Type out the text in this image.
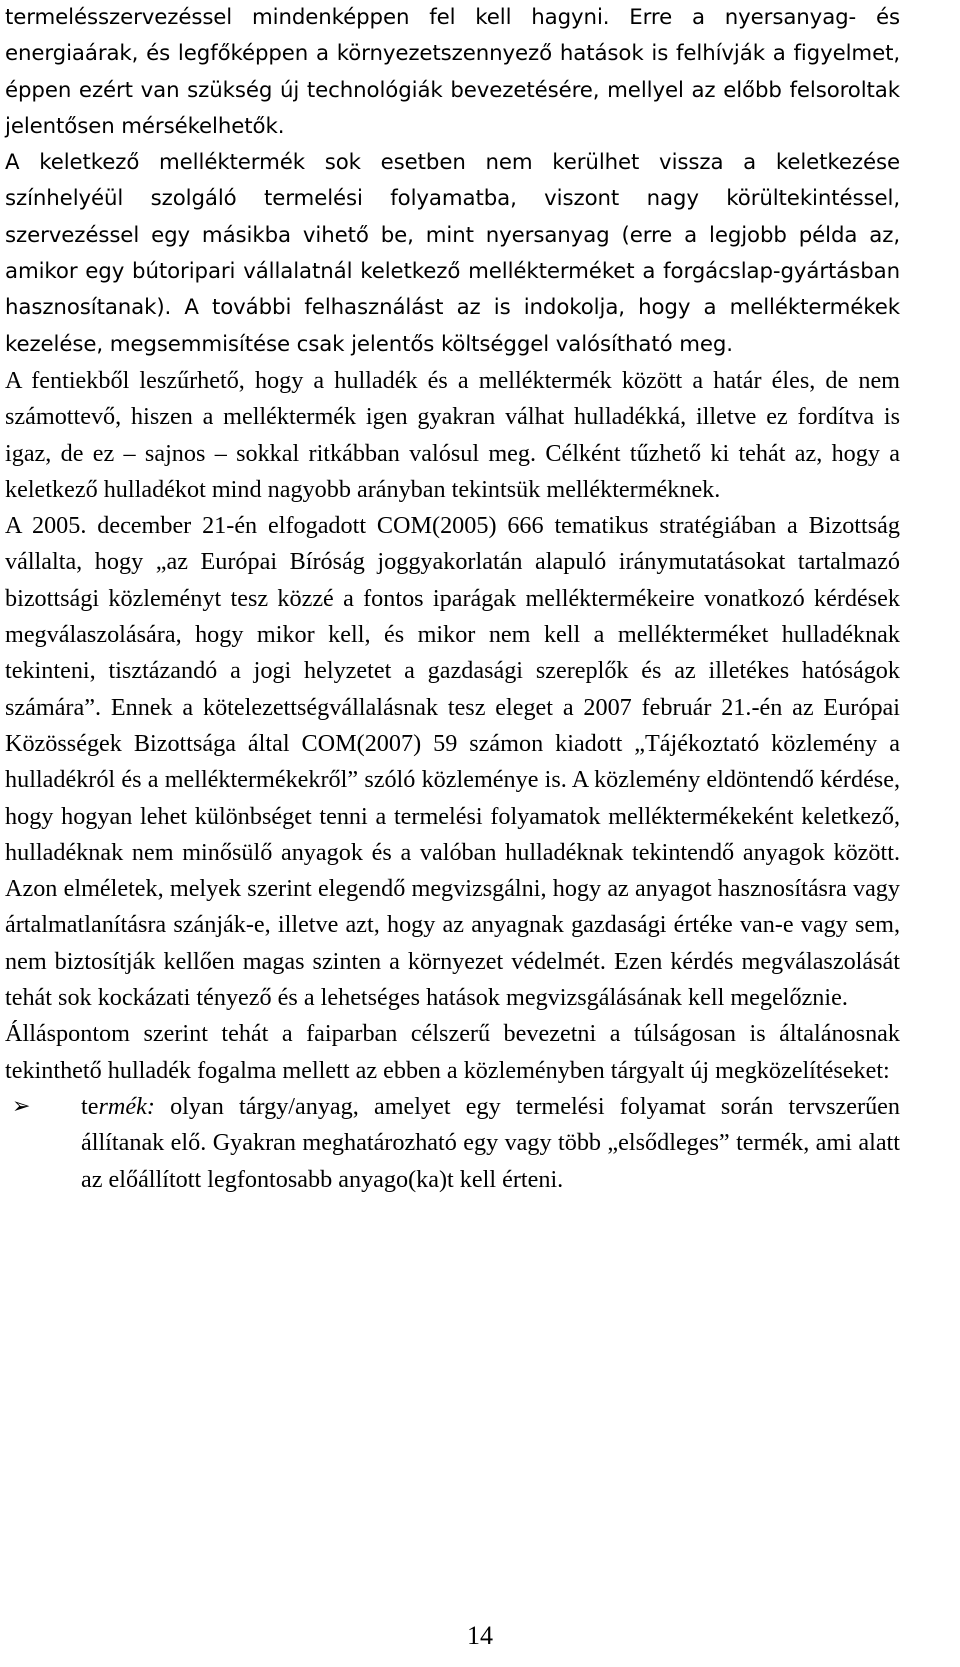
termelésszervezéssel mindenképpen fel kell hagyni. Erre a nyersanyag- és energiaárak, és legfőképpen a környezetszennyező hatások is felhívják a figyelmet, éppen ezért van szükség új technológiák bevezetésére, mellyel az előbb felsoroltak jelentősen mérsékelhetők.

A keletkező melléktermék sok esetben nem kerülhet vissza a keletkezése színhelyéül szolgáló termelési folyamatba, viszont nagy körültekintéssel, szervezéssel egy másikba vihető be, mint nyersanyag (erre a legjobb példa az, amikor egy bútoripari vállalatnál keletkező mellékterméket a forgácslap-gyártásban hasznosítanak). A további felhasználást az is indokolja, hogy a melléktermékek kezelése, megsemmisítése csak jelentős költséggel valósítható meg.

A fentiekből leszűrhető, hogy a hulladék és a melléktermék között a határ éles, de nem számottevő, hiszen a melléktermék igen gyakran válhat hulladékká, illetve ez fordítva is igaz, de ez – sajnos – sokkal ritkábban valósul meg. Célként tűzhető ki tehát az, hogy a keletkező hulladékot mind nagyobb arányban tekintsük mellékterméknek.

A 2005. december 21-én elfogadott COM(2005) 666 tematikus stratégiában a Bizottság vállalta, hogy „az Európai Bíróság joggyakorlatán alapuló iránymutatásokat tartalmazó bizottsági közleményt tesz közzé a fontos iparágak melléktermékeire vonatkozó kérdések megválaszolására, hogy mikor kell, és mikor nem kell a mellékterméket hulladéknak tekinteni, tisztázandó a jogi helyzetet a gazdasági szereplők és az illetékes hatóságok számára”. Ennek a kötelezettségvállalásnak tesz eleget a 2007 február 21.-én az Európai Közösségek Bizottsága által COM(2007) 59 számon kiadott „Tájékoztató közlemény a hulladékról és a melléktermékekről” szóló közleménye is. A közlemény eldöntendő kérdése, hogy hogyan lehet különbséget tenni a termelési folyamatok melléktermékeként keletkező, hulladéknak nem minősülő anyagok és a valóban hulladéknak tekintendő anyagok között. Azon elméletek, melyek szerint elegendő megvizsgálni, hogy az anyagot hasznosításra vagy ártalmatlanításra szánják-e, illetve azt, hogy az anyagnak gazdasági értéke van-e vagy sem, nem biztosítják kellően magas szinten a környezet védelmét. Ezen kérdés megválaszolását tehát sok kockázati tényező és a lehetséges hatások megvizsgálásának kell megelőznie.

Álláspontom szerint tehát a faiparban célszerű bevezetni a túlságosan is általánosnak tekinthető hulladék fogalma mellett az ebben a közleményben tárgyalt új megközelítéseket:

➢ termék: olyan tárgy/anyag, amelyet egy termelési folyamat során tervszerűen állítanak elő. Gyakran meghatározható egy vagy több „elsődleges” termék, ami alatt az előállított legfontosabb anyago(ka)t kell érteni.

14
